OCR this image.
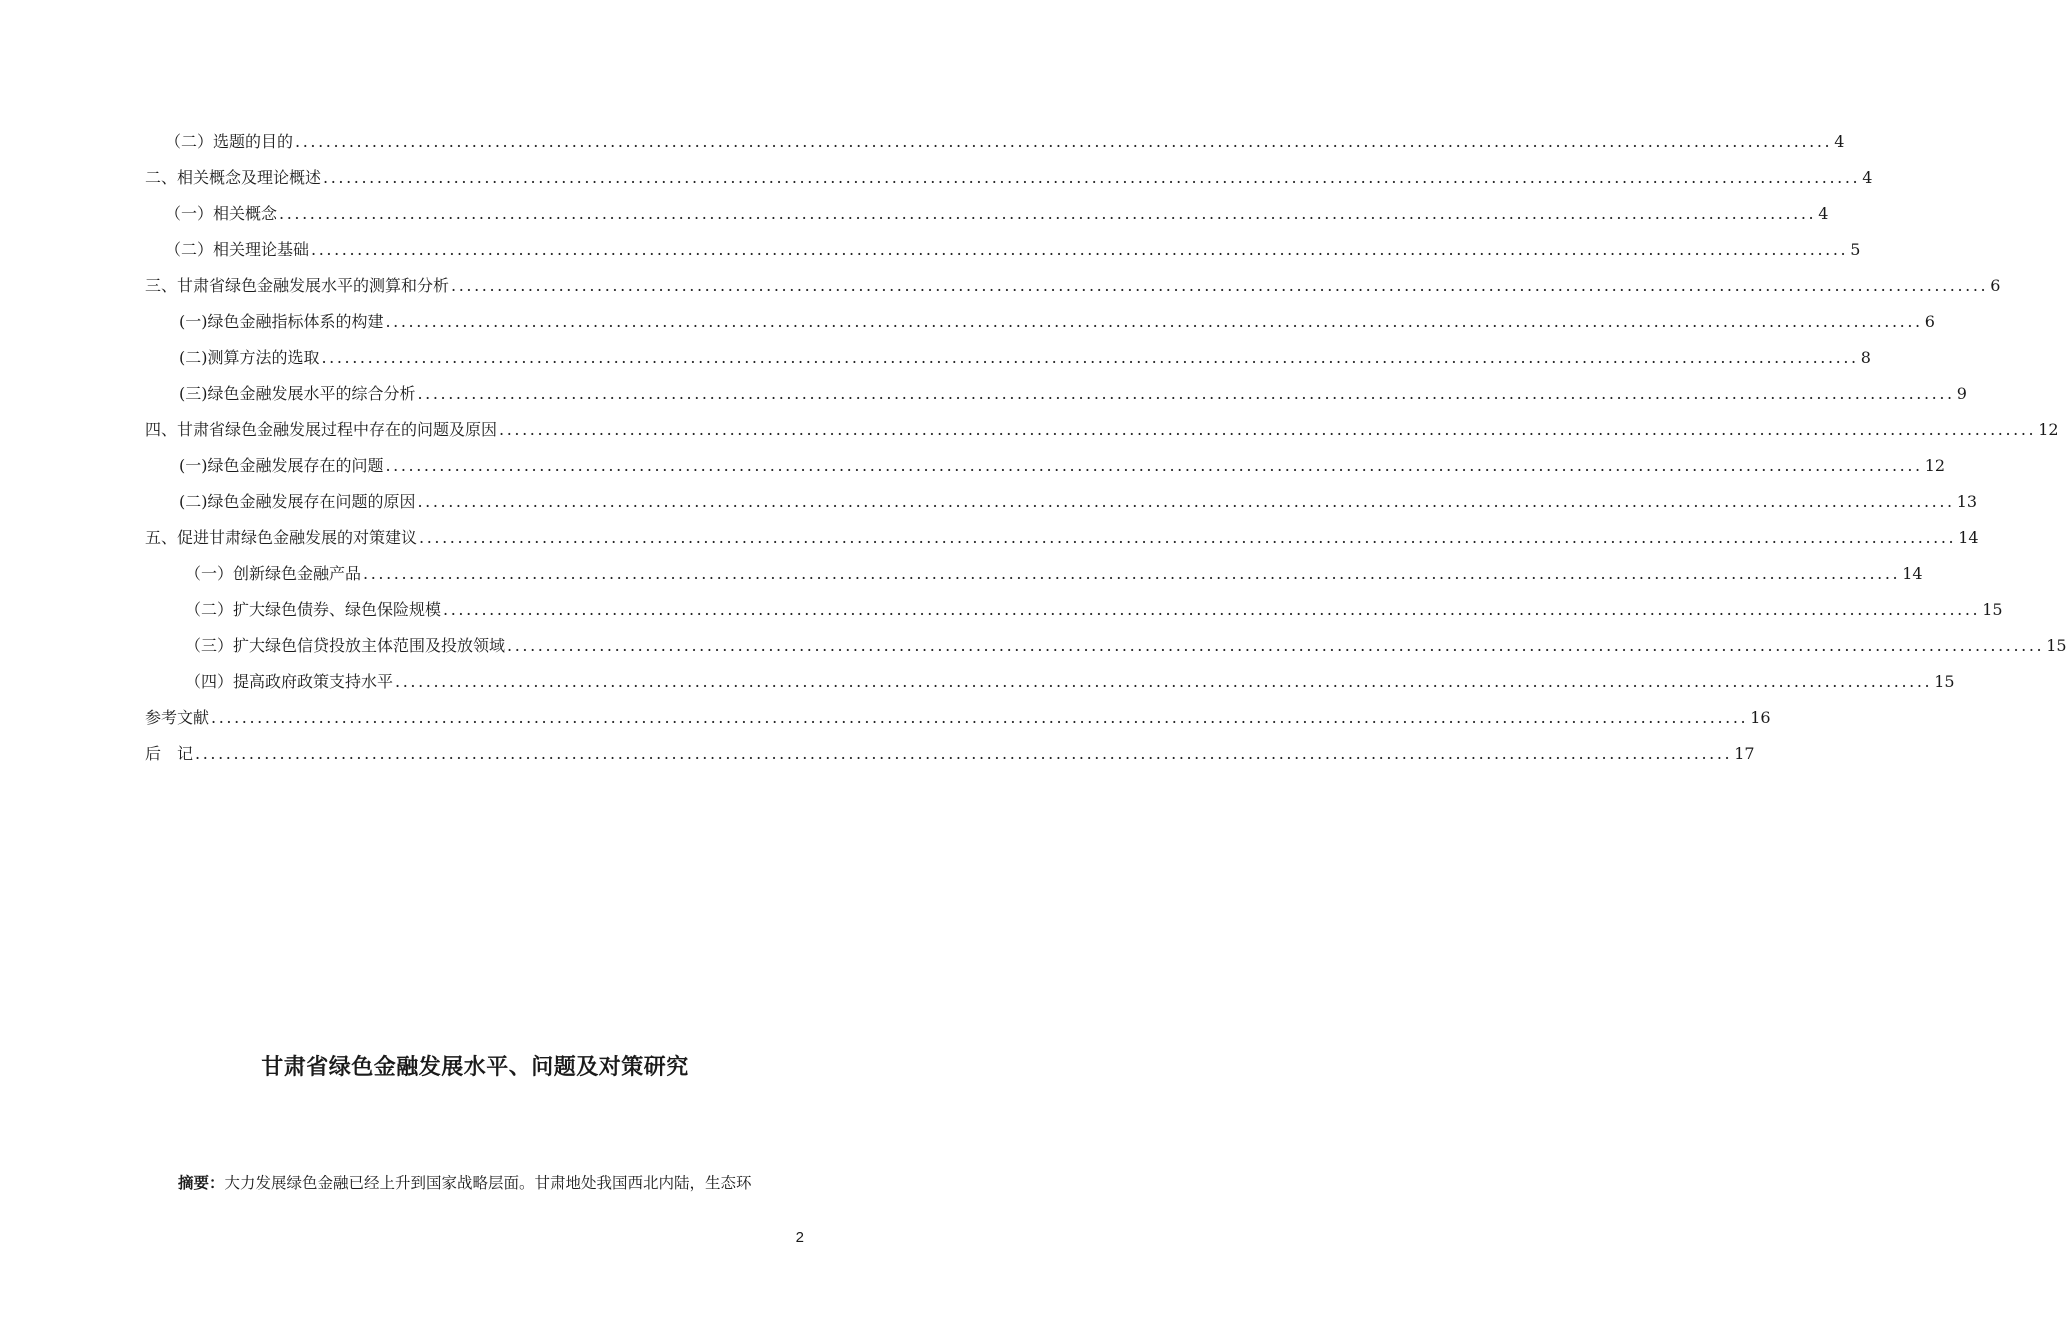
（二）选题的目的 ........................................................................................................................................................................................................ 4
二、相关概念及理论概述 ........................................................................................................................................................................................................ 4
（一）相关概念 ........................................................................................................................................................................................................ 4
（二）相关理论基础 ........................................................................................................................................................................................................ 5
三、甘肃省绿色金融发展水平的测算和分析 ........................................................................................................................................................................................................ 6
(一)绿色金融指标体系的构建 ........................................................................................................................................................................................................ 6
(二)测算方法的选取 ........................................................................................................................................................................................................ 8
(三)绿色金融发展水平的综合分析 ........................................................................................................................................................................................................ 9
四、甘肃省绿色金融发展过程中存在的问题及原因 ........................................................................................................................................................................................................ 12
(一)绿色金融发展存在的问题 ........................................................................................................................................................................................................ 12
(二)绿色金融发展存在问题的原因 ........................................................................................................................................................................................................ 13
五、促进甘肃绿色金融发展的对策建议 ........................................................................................................................................................................................................ 14
（一）创新绿色金融产品 ........................................................................................................................................................................................................ 14
（二）扩大绿色债券、绿色保险规模 ........................................................................................................................................................................................................ 15
（三）扩大绿色信贷投放主体范围及投放领域 ........................................................................................................................................................................................................ 15
（四）提高政府政策支持水平 ........................................................................................................................................................................................................ 15
参考文献 ........................................................................................................................................................................................................ 16
后　记 ........................................................................................................................................................................................................ 17
甘肃省绿色金融发展水平、问题及对策研究
摘要：大力发展绿色金融已经上升到国家战略层面。甘肃地处我国西北内陆，生态环
2
